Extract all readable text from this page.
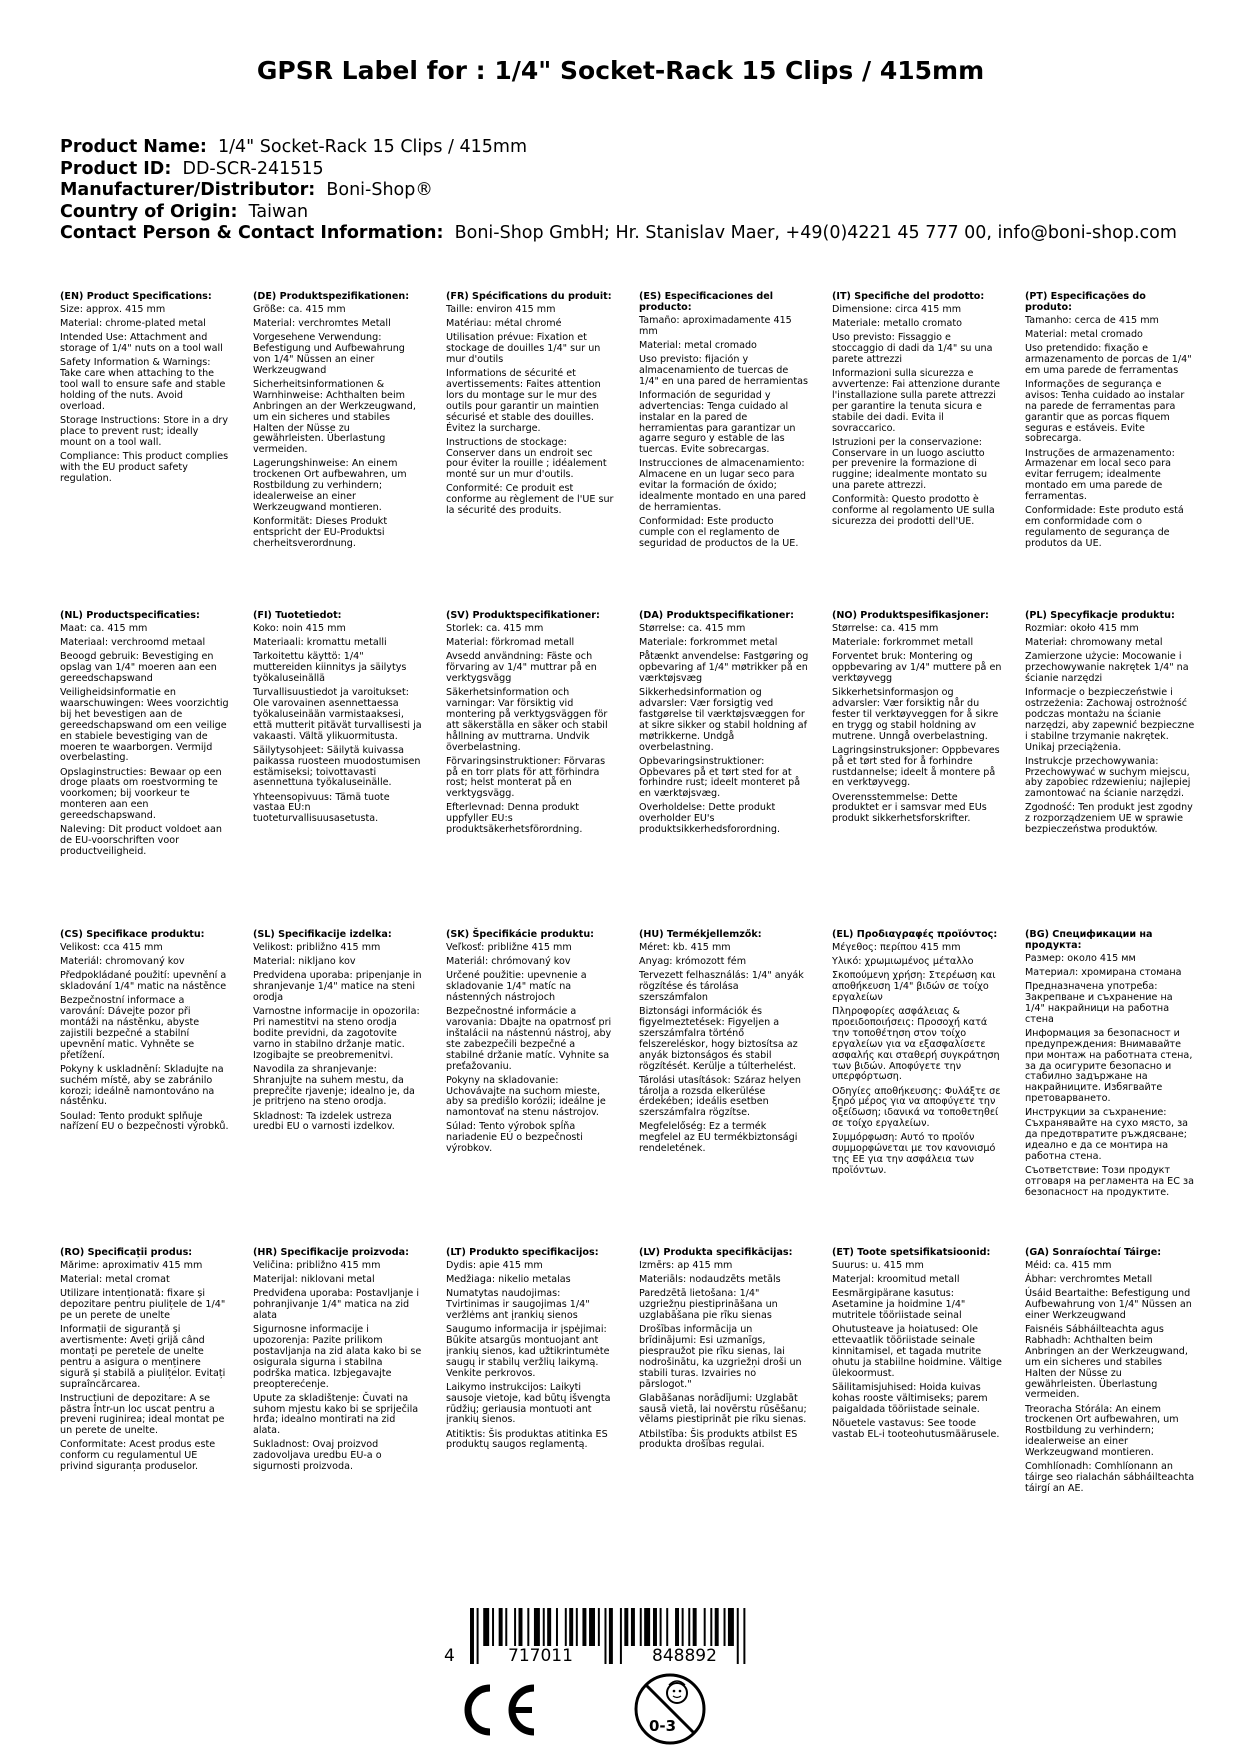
GPSR Label for : 1/4" Socket-Rack 15 Clips / 415mm
Product Name: 1/4" Socket-Rack 15 Clips / 415mm
Product ID: DD-SCR-241515
Manufacturer/Distributor: Boni-Shop®
Country of Origin: Taiwan
Contact Person & Contact Information: Boni-Shop GmbH; Hr. Stanislav Maer, +49(0)4221 45 777 00, info@boni-shop.com
(EN) Product Specifications:

Size: approx. 415 mm

Material: chrome-plated metal

Intended Use: Attachment and storage of 1/4" nuts on a tool wall

Safety Information & Warnings: Take care when attaching to the tool wall to ensure safe and stable holding of the nuts. Avoid overload.

Storage Instructions: Store in a dry place to prevent rust; ideally mount on a tool wall.

Compliance: This product complies with the EU product safety regulation.

(DE) Produktspezifikationen:

Größe: ca. 415 mm

Material: verchromtes Metall

Vorgesehene Verwendung: Befestigung und Aufbewahrung von 1/4" Nüssen an einer Werkzeugwand

Sicherheitsinformationen & Warnhinweise: Achthalten beim Anbringen an der Werkzeugwand, um ein sicheres und stabiles Halten der Nüsse zu gewährleisten. Überlastung vermeiden.

Lagerungshinweise: An einem trockenen Ort aufbewahren, um Rostbildung zu verhindern; idealerweise an einer Werkzeugwand montieren.

Konformität: Dieses Produkt entspricht der EU-Produktsi cherheitsverordnung.

(FR) Spécifications du produit:

Taille: environ 415 mm

Matériau: métal chromé

Utilisation prévue: Fixation et stockage de douilles 1/4" sur un mur d'outils

Informations de sécurité et avertissements: Faites attention lors du montage sur le mur des outils pour garantir un maintien sécurisé et stable des douilles. Évitez la surcharge.

Instructions de stockage: Conserver dans un endroit sec pour éviter la rouille ; idéalement monté sur un mur d'outils.

Conformité: Ce produit est conforme au règlement de l'UE sur la sécurité des produits.

(ES) Especificaciones del producto:

Tamaño: aproximadamente 415 mm

Material: metal cromado

Uso previsto: fijación y almacenamiento de tuercas de 1/4" en una pared de herramientas

Información de seguridad y advertencias: Tenga cuidado al instalar en la pared de herramientas para garantizar un agarre seguro y estable de las tuercas. Evite sobrecargas.

Instrucciones de almacenamiento: Almacene en un lugar seco para evitar la formación de óxido; idealmente montado en una pared de herramientas.

Conformidad: Este producto cumple con el reglamento de seguridad de productos de la UE.

(IT) Specifiche del prodotto:

Dimensione: circa 415 mm

Materiale: metallo cromato

Uso previsto: Fissaggio e stoccaggio di dadi da 1/4" su una parete attrezzi

Informazioni sulla sicurezza e avvertenze: Fai attenzione durante l'installazione sulla parete attrezzi per garantire la tenuta sicura e stabile dei dadi. Evita il sovraccarico.

Istruzioni per la conservazione: Conservare in un luogo asciutto per prevenire la formazione di ruggine; idealmente montato su una parete attrezzi.

Conformità: Questo prodotto è conforme al regolamento UE sulla sicurezza dei prodotti dell'UE.

(PT) Especificações do produto:

Tamanho: cerca de 415 mm

Material: metal cromado

Uso pretendido: fixação e armazenamento de porcas de 1/4" em uma parede de ferramentas

Informações de segurança e avisos: Tenha cuidado ao instalar na parede de ferramentas para garantir que as porcas fiquem seguras e estáveis. Evite sobrecarga.

Instruções de armazenamento: Armazenar em local seco para evitar ferrugem; idealmente montado em uma parede de ferramentas.

Conformidade: Este produto está em conformidade com o regulamento de segurança de produtos da UE.

(NL) Productspecificaties:

Maat: ca. 415 mm

Materiaal: verchroomd metaal

Beoogd gebruik: Bevestiging en opslag van 1/4" moeren aan een gereedschapswand

Veiligheidsinformatie en waarschuwingen: Wees voorzichtig bij het bevestigen aan de gereedschapswand om een veilige en stabiele bevestiging van de moeren te waarborgen. Vermijd overbelasting.

Opslaginstructies: Bewaar op een droge plaats om roestvorming te voorkomen; bij voorkeur te monteren aan een gereedschapswand.

Naleving: Dit product voldoet aan de EU-voorschriften voor productveiligheid.

(FI) Tuotetiedot:

Koko: noin 415 mm

Materiaali: kromattu metalli

Tarkoitettu käyttö: 1/4" muttereiden kiinnitys ja säilytys työkaluseinällä

Turvallisuustiedot ja varoitukset: Ole varovainen asennettaessa työkaluseinään varmistaaksesi, että mutterit pitävät turvallisesti ja vakaasti. Vältä ylikuormitusta.

Säilytysohjeet: Säilytä kuivassa paikassa ruosteen muodostumisen estämiseksi; toivottavasti asennettuna työkaluseinälle.

Yhteensopivuus: Tämä tuote vastaa EU:n tuoteturvallisuusasetusta.

(SV) Produktspecifikationer:

Storlek: ca. 415 mm

Material: förkromad metall

Avsedd användning: Fäste och förvaring av 1/4" muttrar på en verktygsvägg

Säkerhetsinformation och varningar: Var försiktig vid montering på verktygsväggen för att säkerställa en säker och stabil hållning av muttrarna. Undvik överbelastning.

Förvaringsinstruktioner: Förvaras på en torr plats för att förhindra rost; helst monterat på en verktygsvägg.

Efterlevnad: Denna produkt uppfyller EU:s produktsäkerhetsförordning.

(DA) Produktspecifikationer:

Størrelse: ca. 415 mm

Materiale: forkrommet metal

Påtænkt anvendelse: Fastgøring og opbevaring af 1/4" møtrikker på en værktøjsvæg

Sikkerhedsinformation og advarsler: Vær forsigtig ved fastgørelse til værktøjsvæggen for at sikre sikker og stabil holdning af møtrikkerne. Undgå overbelastning.

Opbevaringsinstruktioner: Opbevares på et tørt sted for at forhindre rust; ideelt monteret på en værktøjsvæg.

Overholdelse: Dette produkt overholder EU's produktsikkerhedsforordning.

(NO) Produktspesifikasjoner:

Størrelse: ca. 415 mm

Materiale: forkrommet metall

Forventet bruk: Montering og oppbevaring av 1/4" muttere på en verktøyvegg

Sikkerhetsinformasjon og advarsler: Vær forsiktig når du fester til verktøyveggen for å sikre en trygg og stabil holdning av mutrene. Unngå overbelastning.

Lagringsinstruksjoner: Oppbevares på et tørt sted for å forhindre rustdannelse; ideelt å montere på en verktøyvegg.

Overensstemmelse: Dette produktet er i samsvar med EUs produkt sikkerhetsforskrifter.

(PL) Specyfikacje produktu:

Rozmiar: około 415 mm

Materiał: chromowany metal

Zamierzone użycie: Mocowanie i przechowywanie nakrętek 1/4" na ścianie narzędzi

Informacje o bezpieczeństwie i ostrzeżenia: Zachowaj ostrożność podczas montażu na ścianie narzędzi, aby zapewnić bezpieczne i stabilne trzymanie nakrętek. Unikaj przeciążenia.

Instrukcje przechowywania: Przechowywać w suchym miejscu, aby zapobiec rdzewieniu; najlepiej zamontować na ścianie narzędzi.

Zgodność: Ten produkt jest zgodny z rozporządzeniem UE w sprawie bezpieczeństwa produktów.

(CS) Specifikace produktu:

Velikost: cca 415 mm

Materiál: chromovaný kov

Předpokládané použití: upevnění a skladování 1/4" matic na nástěnce

Bezpečnostní informace a varování: Dávejte pozor při montáži na nástěnku, abyste zajistili bezpečné a stabilní upevnění matic. Vyhněte se přetížení.

Pokyny k uskladnění: Skladujte na suchém místě, aby se zabránilo korozi; ideálně namontováno na nástěnku.

Soulad: Tento produkt splňuje nařízení EU o bezpečnosti výrobků.

(SL) Specifikacije izdelka:

Velikost: približno 415 mm

Material: nikljano kov

Predvidena uporaba: pripenjanje in shranjevanje 1/4" matice na steni orodja

Varnostne informacije in opozorila: Pri namestitvi na steno orodja bodite previdni, da zagotovite varno in stabilno držanje matic. Izogibajte se preobremenitvi.

Navodila za shranjevanje: Shranjujte na suhem mestu, da preprečite rjavenje; idealno je, da je pritrjeno na steno orodja.

Skladnost: Ta izdelek ustreza uredbi EU o varnosti izdelkov.

(SK) Špecifikácie produktu:

Veľkosť: približne 415 mm

Materiál: chrómovaný kov

Určené použitie: upevnenie a skladovanie 1/4" matíc na nástenných nástrojoch

Bezpečnostné informácie a varovania: Dbajte na opatrnosť pri inštalácii na nástennú nástroj, aby ste zabezpečili bezpečné a stabilné držanie matíc. Vyhnite sa preťažovaniu.

Pokyny na skladovanie: Uchovávajte na suchom mieste, aby sa predišlo korózii; ideálne je namontovať na stenu nástrojov.

Súlad: Tento výrobok spĺňa nariadenie EÚ o bezpečnosti výrobkov.

(HU) Termékjellemzők:

Méret: kb. 415 mm

Anyag: krómozott fém

Tervezett felhasználás: 1/4" anyák rögzítése és tárolása szerszámfalon

Biztonsági információk és figyelmeztetések: Figyeljen a szerszámfalra történő felszereléskor, hogy biztosítsa az anyák biztonságos és stabil rögzítését. Kerülje a túlterhelést.

Tárolási utasítások: Száraz helyen tárolja a rozsda elkerülése érdekében; ideális esetben szerszámfalra rögzítse.

Megfelelőség: Ez a termék megfelel az EU termékbiztonsági rendeletének.

(EL) Προδιαγραφές προϊόντος:

Μέγεθος: περίπου 415 mm

Υλικό: χρωμιωμένος μέταλλο

Σκοπούμενη χρήση: Στερέωση και αποθήκευση 1/4" βιδών σε τοίχο εργαλείων

Πληροφορίες ασφάλειας & προειδοποιήσεις: Προσοχή κατά την τοποθέτηση στον τοίχο εργαλείων για να εξασφαλίσετε ασφαλής και σταθερή συγκράτηση των βιδών. Αποφύγετε την υπερφόρτωση.

Οδηγίες αποθήκευσης: Φυλάξτε σε ξηρό μέρος για να αποφύγετε την οξείδωση; ιδανικά να τοποθετηθεί σε τοίχο εργαλείων.

Συμμόρφωση: Αυτό το προϊόν συμμορφώνεται με τον κανονισμό της ΕΕ για την ασφάλεια των προϊόντων.

(BG) Спецификации на продукта:

Размер: около 415 мм

Материал: хромирана стомана

Предназначена употреба: Закрепване и съхранение на 1/4" накрайници на работна стена

Информация за безопасност и предупреждения: Внимавайте при монтаж на работната стена, за да осигурите безопасно и стабилно задържане на накрайниците. Избягвайте претоварването.

Инструкции за съхранение: Съхранявайте на сухо място, за да предотвратите ръждясване; идеално е да се монтира на работна стена.

Съответствие: Този продукт отговаря на регламента на ЕС за безопасност на продуктите.

(RO) Specificații produs:

Mărime: aproximativ 415 mm

Material: metal cromat

Utilizare intenționată: fixare și depozitare pentru piulițele de 1/4" pe un perete de unelte

Informații de siguranță și avertismente: Aveți grijă când montați pe peretele de unelte pentru a asigura o menținere sigură și stabilă a piulițelor. Evitați supraîncărcarea.

Instrucțiuni de depozitare: A se păstra într-un loc uscat pentru a preveni ruginirea; ideal montat pe un perete de unelte.

Conformitate: Acest produs este conform cu regulamentul UE privind siguranța produselor.

(HR) Specifikacije proizvoda:

Veličina: približno 415 mm

Materijal: niklovani metal

Predviđena uporaba: Postavljanje i pohranjivanje 1/4" matica na zid alata

Sigurnosne informacije i upozorenja: Pazite prilikom postavljanja na zid alata kako bi se osigurala sigurna i stabilna podrška matica. Izbjegavajte preopterećenje.

Upute za skladištenje: Čuvati na suhom mjestu kako bi se spriječila hrđa; idealno montirati na zid alata.

Sukladnost: Ovaj proizvod zadovoljava uredbu EU-a o sigurnosti proizvoda.

(LT) Produkto specifikacijos:

Dydis: apie 415 mm

Medžiaga: nikelio metalas

Numatytas naudojimas: Tvirtinimas ir saugojimas 1/4" veržlėms ant įrankių sienos

Saugumo informacija ir įspėjimai: Būkite atsargūs montuojant ant įrankių sienos, kad užtikrintumėte saugų ir stabilų veržlių laikymą. Venkite perkrovos.

Laikymo instrukcijos: Laikyti sausoje vietoje, kad būtų išvengta rūdžių; geriausia montuoti ant įrankių sienos.

Atitiktis: Šis produktas atitinka ES produktų saugos reglamentą.

(LV) Produkta specifikācijas:

Izmērs: ap 415 mm

Materiāls: nodaudzēts metāls

Paredzētā lietošana: 1/4" uzgriežņu piestiprināšana un uzglabāšana pie rīku sienas

Drošības informācija un brīdinājumi: Esi uzmanīgs, piespraužot pie rīku sienas, lai nodrošinātu, ka uzgriežņi droši un stabili turas. Izvairies no pārslogot."

Glabāšanas norādījumi: Uzglabāt sausā vietā, lai novērstu rūsēšanu; vēlams piestiprināt pie rīku sienas.

Atbilstība: Šis produkts atbilst ES produkta drošības regulai.

(ET) Toote spetsifikatsioonid:

Suurus: u. 415 mm

Materjal: kroomitud metall

Eesmärgipärane kasutus: Asetamine ja hoidmine 1/4" mutritele tööriistade seinal

Ohutusteave ja hoiatused: Ole ettevaatlik tööriistade seinale kinnitamisel, et tagada mutrite ohutu ja stabiilne hoidmine. Vältige ülekoormust.

Säilitamisjuhised: Hoida kuivas kohas rooste vältimiseks; parem paigaldada tööriistade seinale.

Nõuetele vastavus: See toode vastab EL-i tooteohutusmäärusele.

(GA) Sonraíochtaí Táirge:

Méid: ca. 415 mm

Ábhar: verchromtes Metall

Úsáid Beartaithe: Befestigung und Aufbewahrung von 1/4" Nüssen an einer Werkzeugwand

Faisnéis Sábháilteachta agus Rabhadh: Achthalten beim Anbringen an der Werkzeugwand, um ein sicheres und stabiles Halten der Nüsse zu gewährleisten. Überlastung vermeiden.

Treoracha Stórála: An einem trockenen Ort aufbewahren, um Rostbildung zu verhindern; idealerweise an einer Werkzeugwand montieren.

Comhlíonadh: Comhlíonann an táirge seo rialachán sábháilteachta táirgí an AE.

4	717011	848892
0-3
